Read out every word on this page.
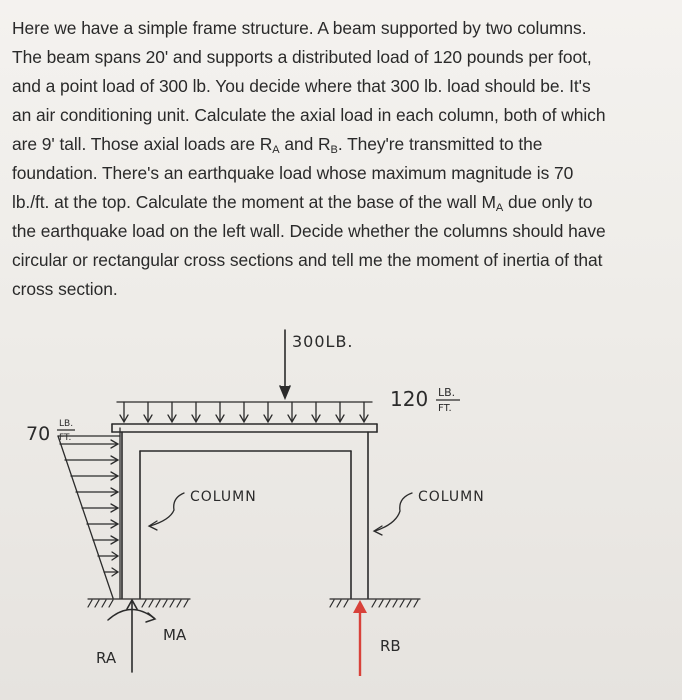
Here we have a simple frame structure. A beam supported by two columns.
The beam spans 20' and supports a distributed load of 120 pounds per foot,
and a point load of 300 lb. You decide where that 300 lb. load should be. It's
an air conditioning unit. Calculate the axial load in each column, both of which
are 9' tall. Those axial loads are $R_A$ and $R_B$. They're transmitted to the
foundation. There's an earthquake load whose maximum magnitude is 70
lb./ft. at the top. Calculate the moment at the base of the wall $M_A$ due only to
the earthquake load on the left wall. Decide whether the columns should have
circular or rectangular cross sections and tell me the moment of inertia of that
cross section.

300LB.
120 LB.
FT.
70 LB.
FT.
COLUMN	COLUMN
MA
RA
RB
